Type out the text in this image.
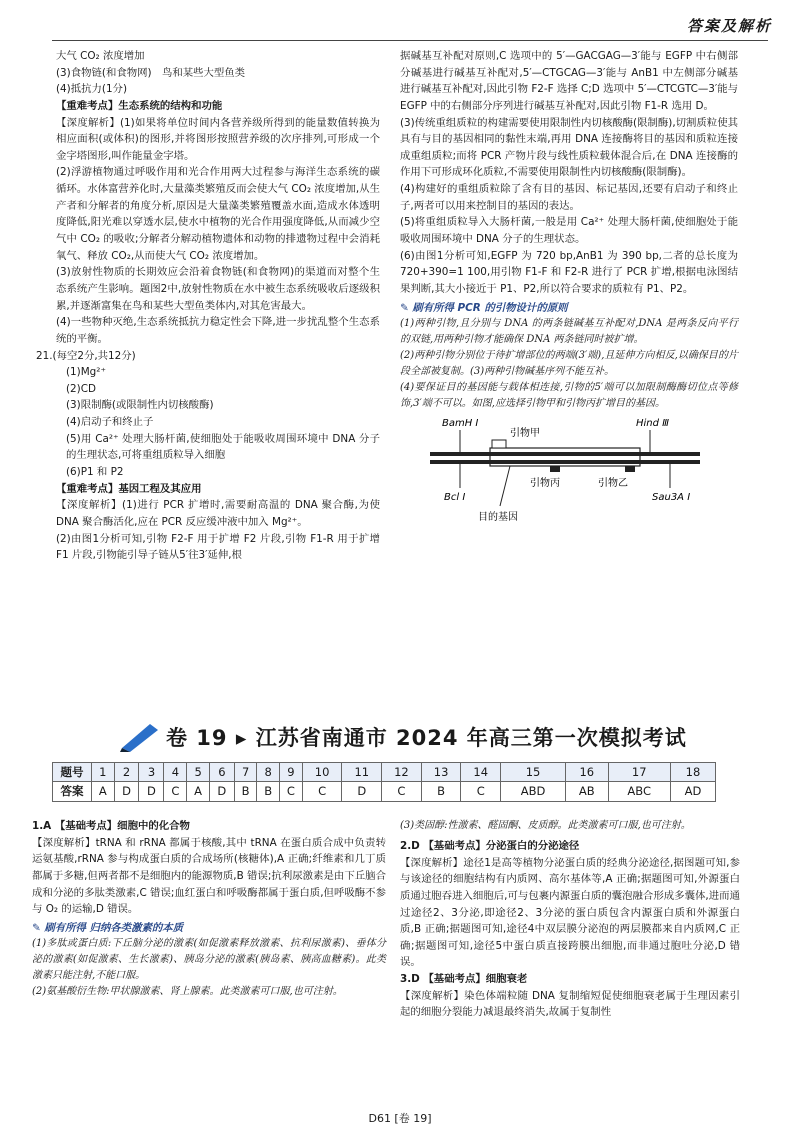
答案及解析

大气 CO₂ 浓度增加

(3)食物链(和食物网)　鸟和某些大型鱼类

(4)抵抗力(1分)

【重难考点】生态系统的结构和功能

【深度解析】(1)如果将单位时间内各营养级所得到的能量数值转换为相应面积(或体积)的图形,并将图形按照营养级的次序排列,可形成一个金字塔图形,叫作能量金字塔。

(2)浮游植物通过呼吸作用和光合作用两大过程参与海洋生态系统的碳循环。水体富营养化时,大量藻类繁殖反而会使大气 CO₂ 浓度增加,从生产者和分解者的角度分析,原因是大量藻类繁殖覆盖水面,造成水体透明度降低,阳光难以穿透水层,使水中植物的光合作用强度降低,从而减少空气中 CO₂ 的吸收;分解者分解动植物遗体和动物的排遗物过程中会消耗氧气、释放 CO₂,从而使大气 CO₂ 浓度增加。

(3)放射性物质的长期效应会沿着食物链(和食物网)的渠道而对整个生态系统产生影响。题图2中,放射性物质在水中被生态系统吸收后逐级积累,并逐渐富集在鸟和某些大型鱼类体内,对其危害最大。

(4)一些物种灭绝,生态系统抵抗力稳定性会下降,进一步扰乱整个生态系统的平衡。

21.(每空2分,共12分)

(1)Mg²⁺

(2)CD

(3)限制酶(或限制性内切核酸酶)

(4)启动子和终止子

(5)用 Ca²⁺ 处理大肠杆菌,使细胞处于能吸收周围环境中 DNA 分子的生理状态,可将重组质粒导入细胞

(6)P1 和 P2

【重难考点】基因工程及其应用

【深度解析】(1)进行 PCR 扩增时,需要耐高温的 DNA 聚合酶,为使 DNA 聚合酶活化,应在 PCR 反应缓冲液中加入 Mg²⁺。

(2)由图1分析可知,引物 F2-F 用于扩增 F2 片段,引物 F1-R 用于扩增 F1 片段,引物能引导子链从5′往3′延伸,根

据碱基互补配对原则,C 选项中的 5′—GACGAG—3′能与 EGFP 中右侧部分碱基进行碱基互补配对,5′—CTGCAG—3′能与 AnB1 中左侧部分碱基进行碱基互补配对,因此引物 F2-F 选择 C;D 选项中 5′—CTCGTC—3′能与 EGFP 中的右侧部分序列进行碱基互补配对,因此引物 F1-R 选用 D。

(3)传统重组质粒的构建需要使用限制性内切核酸酶(限制酶),切割质粒使其具有与目的基因相同的黏性末端,再用 DNA 连接酶将目的基因和质粒连接成重组质粒;而将 PCR 产物片段与线性质粒载体混合后,在 DNA 连接酶的作用下可形成环化质粒,不需要使用限制性内切核酸酶(限制酶)。

(4)构建好的重组质粒除了含有目的基因、标记基因,还要有启动子和终止子,两者可以用来控制目的基因的表达。

(5)将重组质粒导入大肠杆菌,一般是用 Ca²⁺ 处理大肠杆菌,使细胞处于能吸收周围环境中 DNA 分子的生理状态。

(6)由图1分析可知,EGFP 为 720 bp,AnB1 为 390 bp,二者的总长度为 720+390=1 100,用引物 F1-F 和 F2-R 进行了 PCR 扩增,根据电泳图结果判断,其大小接近于 P1、P2,所以符合要求的质粒有 P1、P2。

✎ 刷有所得 PCR 的引物设计的原则

(1)两种引物,且分别与 DNA 的两条链碱基互补配对,DNA 是两条反向平行的双链,用两种引物才能确保 DNA 两条链同时被扩增。

(2)两种引物分别位于待扩增部位的两端(3′端),且延伸方向相反,以确保目的片段全部被复制。(3)两种引物碱基序列不能互补。

(4)要保证目的基因能与载体相连接,引物的5′端可以加限制酶酶切位点等修饰,3′端不可以。如图,应选择引物甲和引物丙扩增目的基因。

BamH Ⅰ
引物甲
Hind Ⅲ
Bcl Ⅰ
引物丙	引物乙
Sau3A Ⅰ
目的基因
卷 19 ▸ 江苏省南通市 2024 年高三第一次模拟考试
题号	1	2	3	4	5	6	7	8	9	10	11	12	13	14	15	16	17	18
答案	A	D	D	C	A	D	B	B	C	C	D	C	B	C	ABD	AB	ABC	AD

1.A 【基础考点】细胞中的化合物

【深度解析】tRNA 和 rRNA 都属于核酸,其中 tRNA 在蛋白质合成中负责转运氨基酸,rRNA 参与构成蛋白质的合成场所(核糖体),A 正确;纤维素和几丁质都属于多糖,但两者都不是细胞内的能源物质,B 错误;抗利尿激素是由下丘脑合成和分泌的多肽类激素,C 错误;血红蛋白和呼吸酶都属于蛋白质,但呼吸酶不参与 O₂ 的运输,D 错误。

✎ 刷有所得 归纳各类激素的本质

(1)多肽或蛋白质:下丘脑分泌的激素(如促激素释放激素、抗利尿激素)、垂体分泌的激素(如促激素、生长激素)、胰岛分泌的激素(胰岛素、胰高血糖素)。此类激素只能注射,不能口服。

(2)氨基酸衍生物:甲状腺激素、肾上腺素。此类激素可口服,也可注射。

(3)类固醇:性激素、醛固酮、皮质醇。此类激素可口服,也可注射。

2.D 【基础考点】分泌蛋白的分泌途径

【深度解析】途径1是高等植物分泌蛋白质的经典分泌途径,据图题可知,参与该途径的细胞结构有内质网、高尔基体等,A 正确;据题图可知,外源蛋白质通过胞吞进入细胞后,可与包裹内源蛋白质的囊泡融合形成多囊体,进而通过途径2、3分泌,即途径2、3分泌的蛋白质包含内源蛋白质和外源蛋白质,B 正确;据题图可知,途径4中双层膜分泌泡的两层膜都来自内质网,C 正确;据题图可知,途径5中蛋白质直接跨膜出细胞,而非通过胞吐分泌,D 错误。

3.D 【基础考点】细胞衰老

【深度解析】染色体端粒随 DNA 复制缩短促使细胞衰老属于生理因素引起的细胞分裂能力减退最终消失,故属于复制性

D61 [卷 19]
